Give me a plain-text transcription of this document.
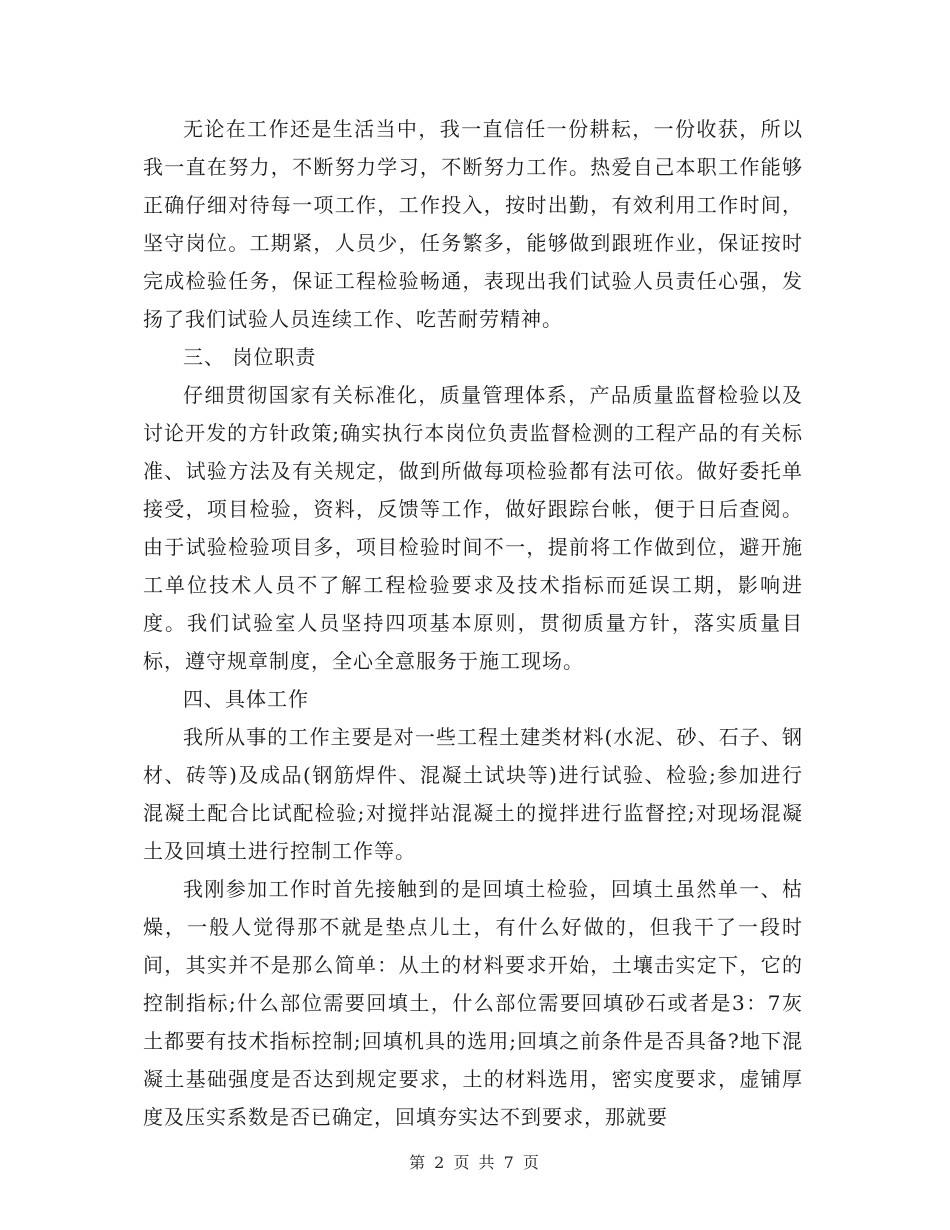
无论在工作还是生活当中，我一直信任一份耕耘，一份收获，所以我一直在努力，不断努力学习，不断努力工作。热爱自己本职工作能够正确仔细对待每一项工作，工作投入，按时出勤，有效利用工作时间，坚守岗位。工期紧，人员少，任务繁多，能够做到跟班作业，保证按时完成检验任务，保证工程检验畅通，表现出我们试验人员责任心强，发扬了我们试验人员连续工作、吃苦耐劳精神。

三、 岗位职责

仔细贯彻国家有关标准化，质量管理体系，产品质量监督检验以及讨论开发的方针政策;确实执行本岗位负责监督检测的工程产品的有关标准、试验方法及有关规定，做到所做每项检验都有法可依。做好委托单接受，项目检验，资料，反馈等工作，做好跟踪台帐，便于日后查阅。由于试验检验项目多，项目检验时间不一，提前将工作做到位，避开施工单位技术人员不了解工程检验要求及技术指标而延误工期，影响进度。我们试验室人员坚持四项基本原则，贯彻质量方针，落实质量目标，遵守规章制度，全心全意服务于施工现场。

四、具体工作

我所从事的工作主要是对一些工程土建类材料(水泥、砂、石子、钢材、砖等)及成品(钢筋焊件、混凝土试块等)进行试验、检验;参加进行混凝土配合比试配检验;对搅拌站混凝土的搅拌进行监督控;对现场混凝土及回填土进行控制工作等。

我刚参加工作时首先接触到的是回填土检验，回填土虽然单一、枯燥，一般人觉得那不就是垫点儿土，有什么好做的，但我干了一段时间，其实并不是那么简单：从土的材料要求开始，土壤击实定下，它的控制指标;什么部位需要回填土，什么部位需要回填砂石或者是3：7灰土都要有技术指标控制;回填机具的选用;回填之前条件是否具备?地下混凝土基础强度是否达到规定要求，土的材料选用，密实度要求，虚铺厚度及压实系数是否已确定，回填夯实达不到要求，那就要

第 2 页 共 7 页
